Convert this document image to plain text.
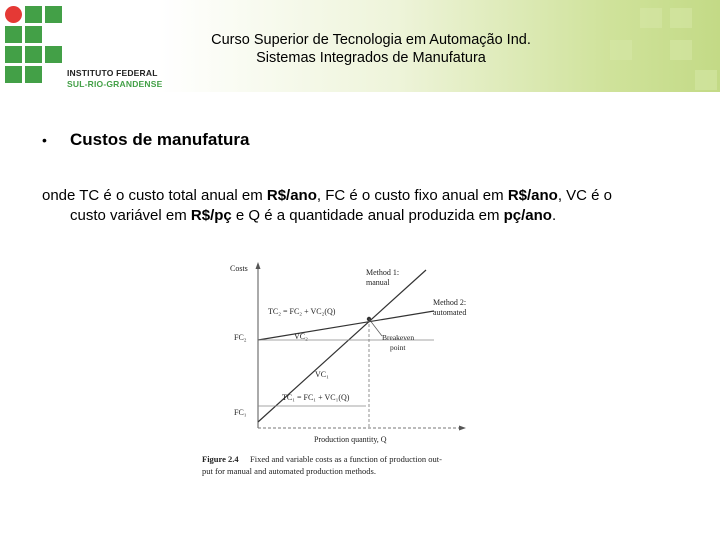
INSTITUTO FEDERAL
SUL-RIO-GRANDENSE
Curso Superior de Tecnologia em Automação Ind.
Sistemas Integrados de Manufatura
• Custos de manufatura
onde TC é o custo total anual em R$/ano, FC é o custo fixo anual em R$/ano, VC é o
custo variável em R$/pç e Q é a quantidade anual produzida em pç/ano.
Costs	Method 1:
manual
Method 2:
automated
TC₂ = FC₂ + VC₂(Q)
VC₂	Breakeven
point
VC₁
TC₁ = FC₁ + VC₁(Q)
FC₂
FC₁
Production quantity, Q
Figure 2.4 Fixed and variable costs as a function of production out-
put for manual and automated production methods.
